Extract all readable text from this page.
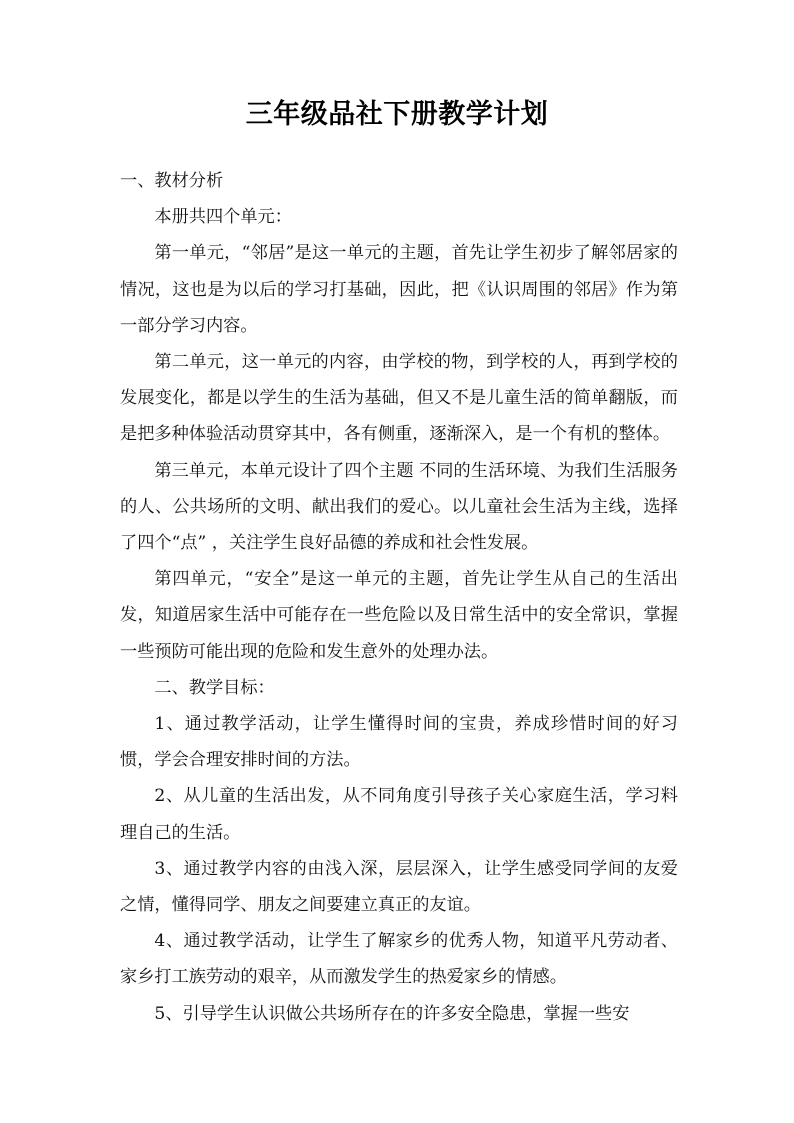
三年级品社下册教学计划

一、教材分析

本册共四个单元：

第一单元，“邻居”是这一单元的主题，首先让学生初步了解邻居家的情况，这也是为以后的学习打基础，因此，把《认识周围的邻居》作为第一部分学习内容。

第二单元，这一单元的内容，由学校的物，到学校的人，再到学校的发展变化，都是以学生的生活为基础，但又不是儿童生活的简单翻版，而是把多种体验活动贯穿其中，各有侧重，逐渐深入，是一个有机的整体。

第三单元，本单元设计了四个主题 不同的生活环境、为我们生活服务的人、公共场所的文明、献出我们的爱心。以儿童社会生活为主线，选择了四个“点” ，关注学生良好品德的养成和社会性发展。

第四单元，“安全”是这一单元的主题，首先让学生从自己的生活出发，知道居家生活中可能存在一些危险以及日常生活中的安全常识，掌握一些预防可能出现的危险和发生意外的处理办法。

二、教学目标：

1、通过教学活动，让学生懂得时间的宝贵，养成珍惜时间的好习惯，学会合理安排时间的方法。

2、从儿童的生活出发，从不同角度引导孩子关心家庭生活，学习料理自己的生活。

3、通过教学内容的由浅入深，层层深入，让学生感受同学间的友爱之情，懂得同学、朋友之间要建立真正的友谊。

4、通过教学活动，让学生了解家乡的优秀人物，知道平凡劳动者、家乡打工族劳动的艰辛，从而激发学生的热爱家乡的情感。

5、引导学生认识做公共场所存在的许多安全隐患，掌握一些安
